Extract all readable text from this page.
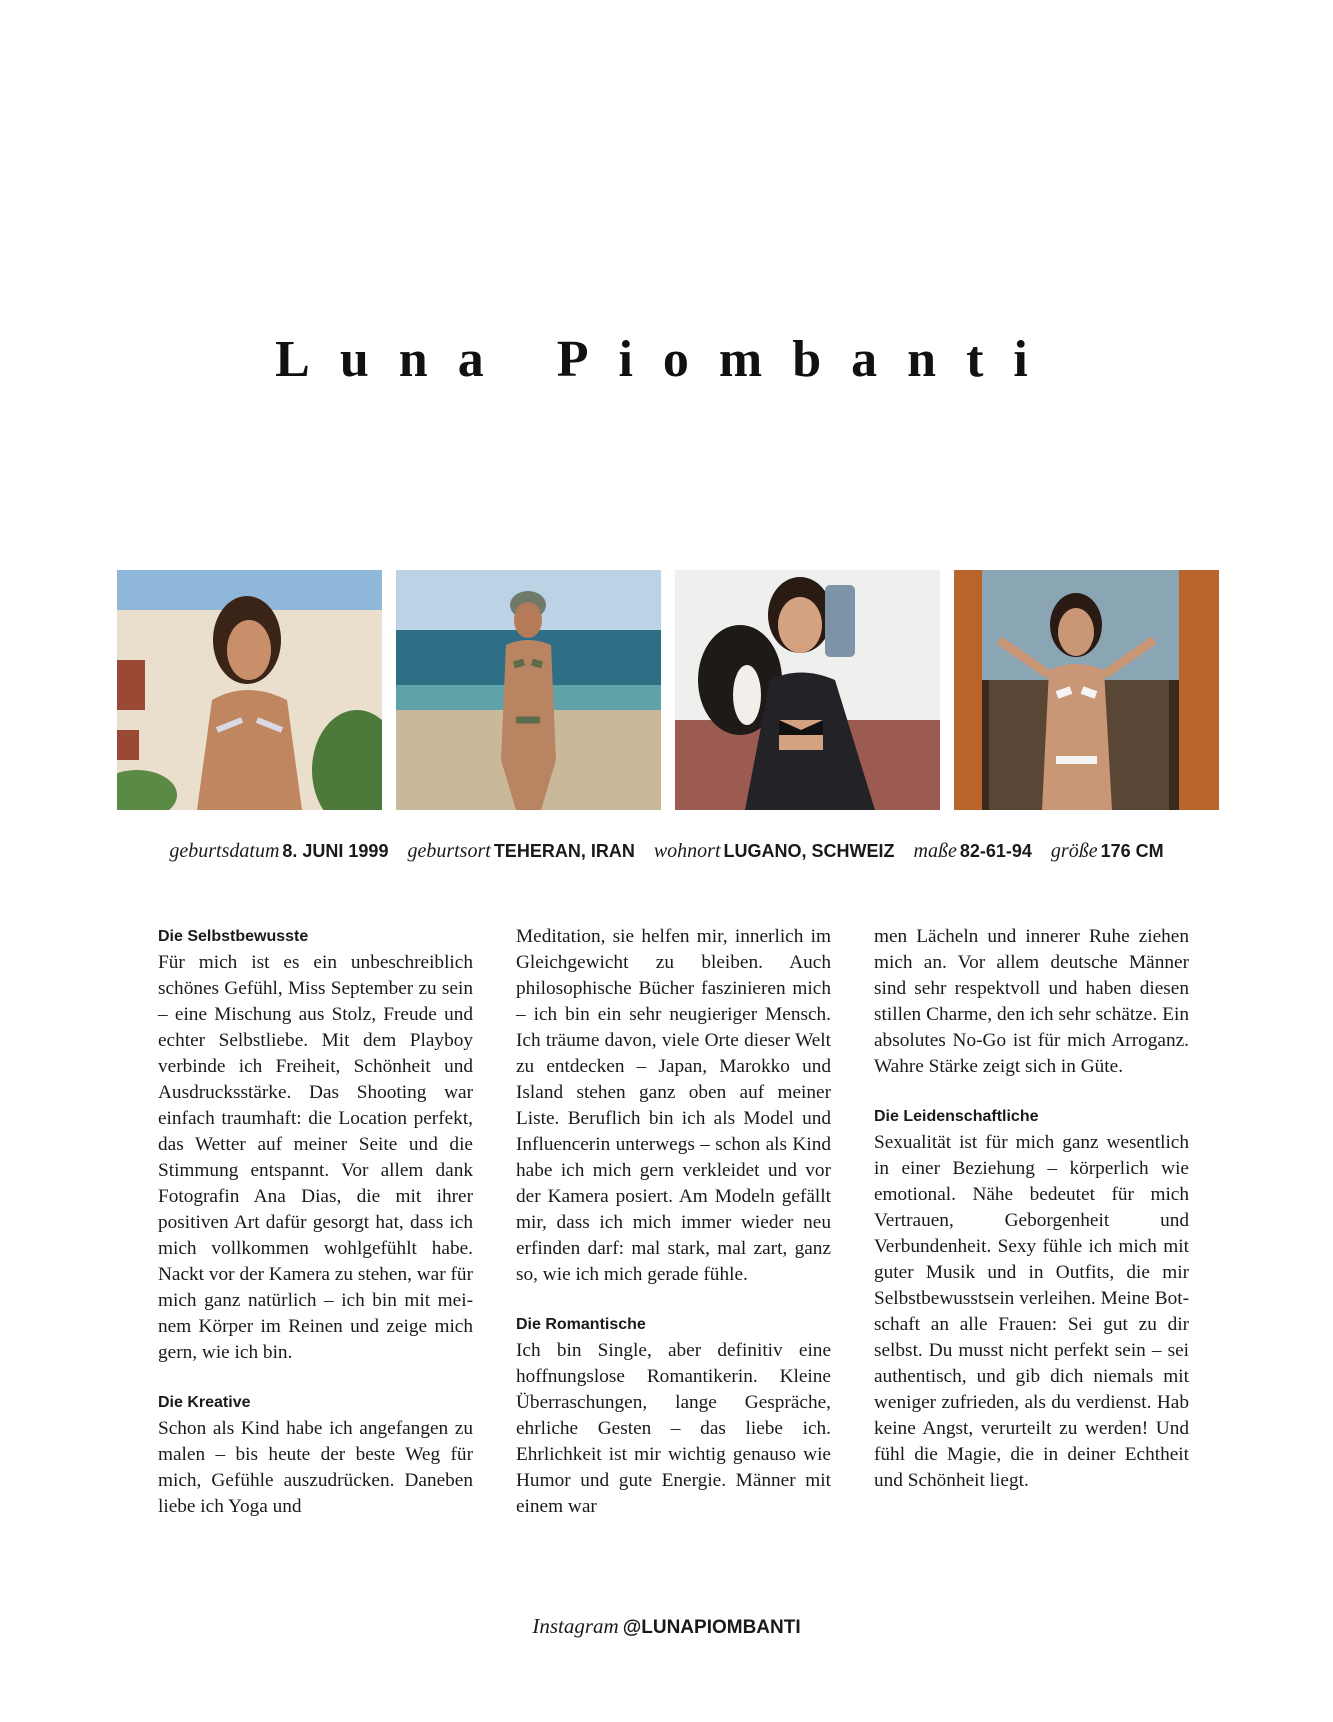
Luna Piombanti
geburtsdatum 8. JUNI 1999 geburtsort TEHERAN, IRAN wohnort LUGANO, SCHWEIZ maße 82-61-94 größe 176 CM
Die Selbstbewusste

Für mich ist es ein unbeschreiblich schönes Gefühl, Miss September zu sein – eine Mischung aus Stolz, Freude und echter Selbstliebe. Mit dem Playboy verbinde ich Freiheit, Schönheit und Ausdrucksstärke. Das Shooting war einfach traumhaft: die Location perfekt, das Wetter auf meiner Seite und die Stimmung entspannt. Vor allem dank Fotografin Ana Dias, die mit ihrer positiven Art dafür gesorgt hat, dass ich mich vollkommen wohlgefühlt habe. Nackt vor der Kamera zu stehen, war für mich ganz natürlich – ich bin mit meinem Körper im Reinen und zeige mich gern, wie ich bin.

Die Kreative

Schon als Kind habe ich angefangen zu malen – bis heute der beste Weg für mich, Gefühle auszudrücken. Daneben liebe ich Yoga und

Meditation, sie helfen mir, innerlich im Gleichgewicht zu bleiben. Auch philosophische Bücher faszinieren mich – ich bin ein sehr neugieriger Mensch. Ich träume davon, viele Orte dieser Welt zu entdecken – Japan, Marokko und Island stehen ganz oben auf meiner Liste. Beruflich bin ich als Model und Influencerin unterwegs – schon als Kind habe ich mich gern verkleidet und vor der Kamera posiert. Am Modeln gefällt mir, dass ich mich immer wieder neu erfinden darf: mal stark, mal zart, ganz so, wie ich mich gerade fühle.

Die Romantische

Ich bin Single, aber definitiv eine hoffnungslose Romantikerin. Kleine Überraschungen, lange Gespräche, ehrliche Gesten – das liebe ich. Ehrlichkeit ist mir wichtig genauso wie Humor und gute Energie. Männer mit einem war

men Lächeln und innerer Ruhe ziehen mich an. Vor allem deutsche Männer sind sehr respektvoll und haben diesen stillen Charme, den ich sehr schätze. Ein absolutes No-Go ist für mich Arroganz. Wahre Stärke zeigt sich in Güte.

Die Leidenschaftliche

Sexualität ist für mich ganz wesentlich in einer Beziehung – körperlich wie emotional. Nähe bedeutet für mich Vertrauen, Geborgenheit und Verbundenheit. Sexy fühle ich mich mit guter Musik und in Outfits, die mir Selbstbewusstsein verleihen. Meine Botschaft an alle Frauen: Sei gut zu dir selbst. Du musst nicht perfekt sein – sei authentisch, und gib dich niemals mit weniger zufrieden, als du verdienst. Hab keine Angst, verurteilt zu werden! Und fühl die Magie, die in deiner Echtheit und Schönheit liegt.

Instagram @LUNAPIOMBANTI
